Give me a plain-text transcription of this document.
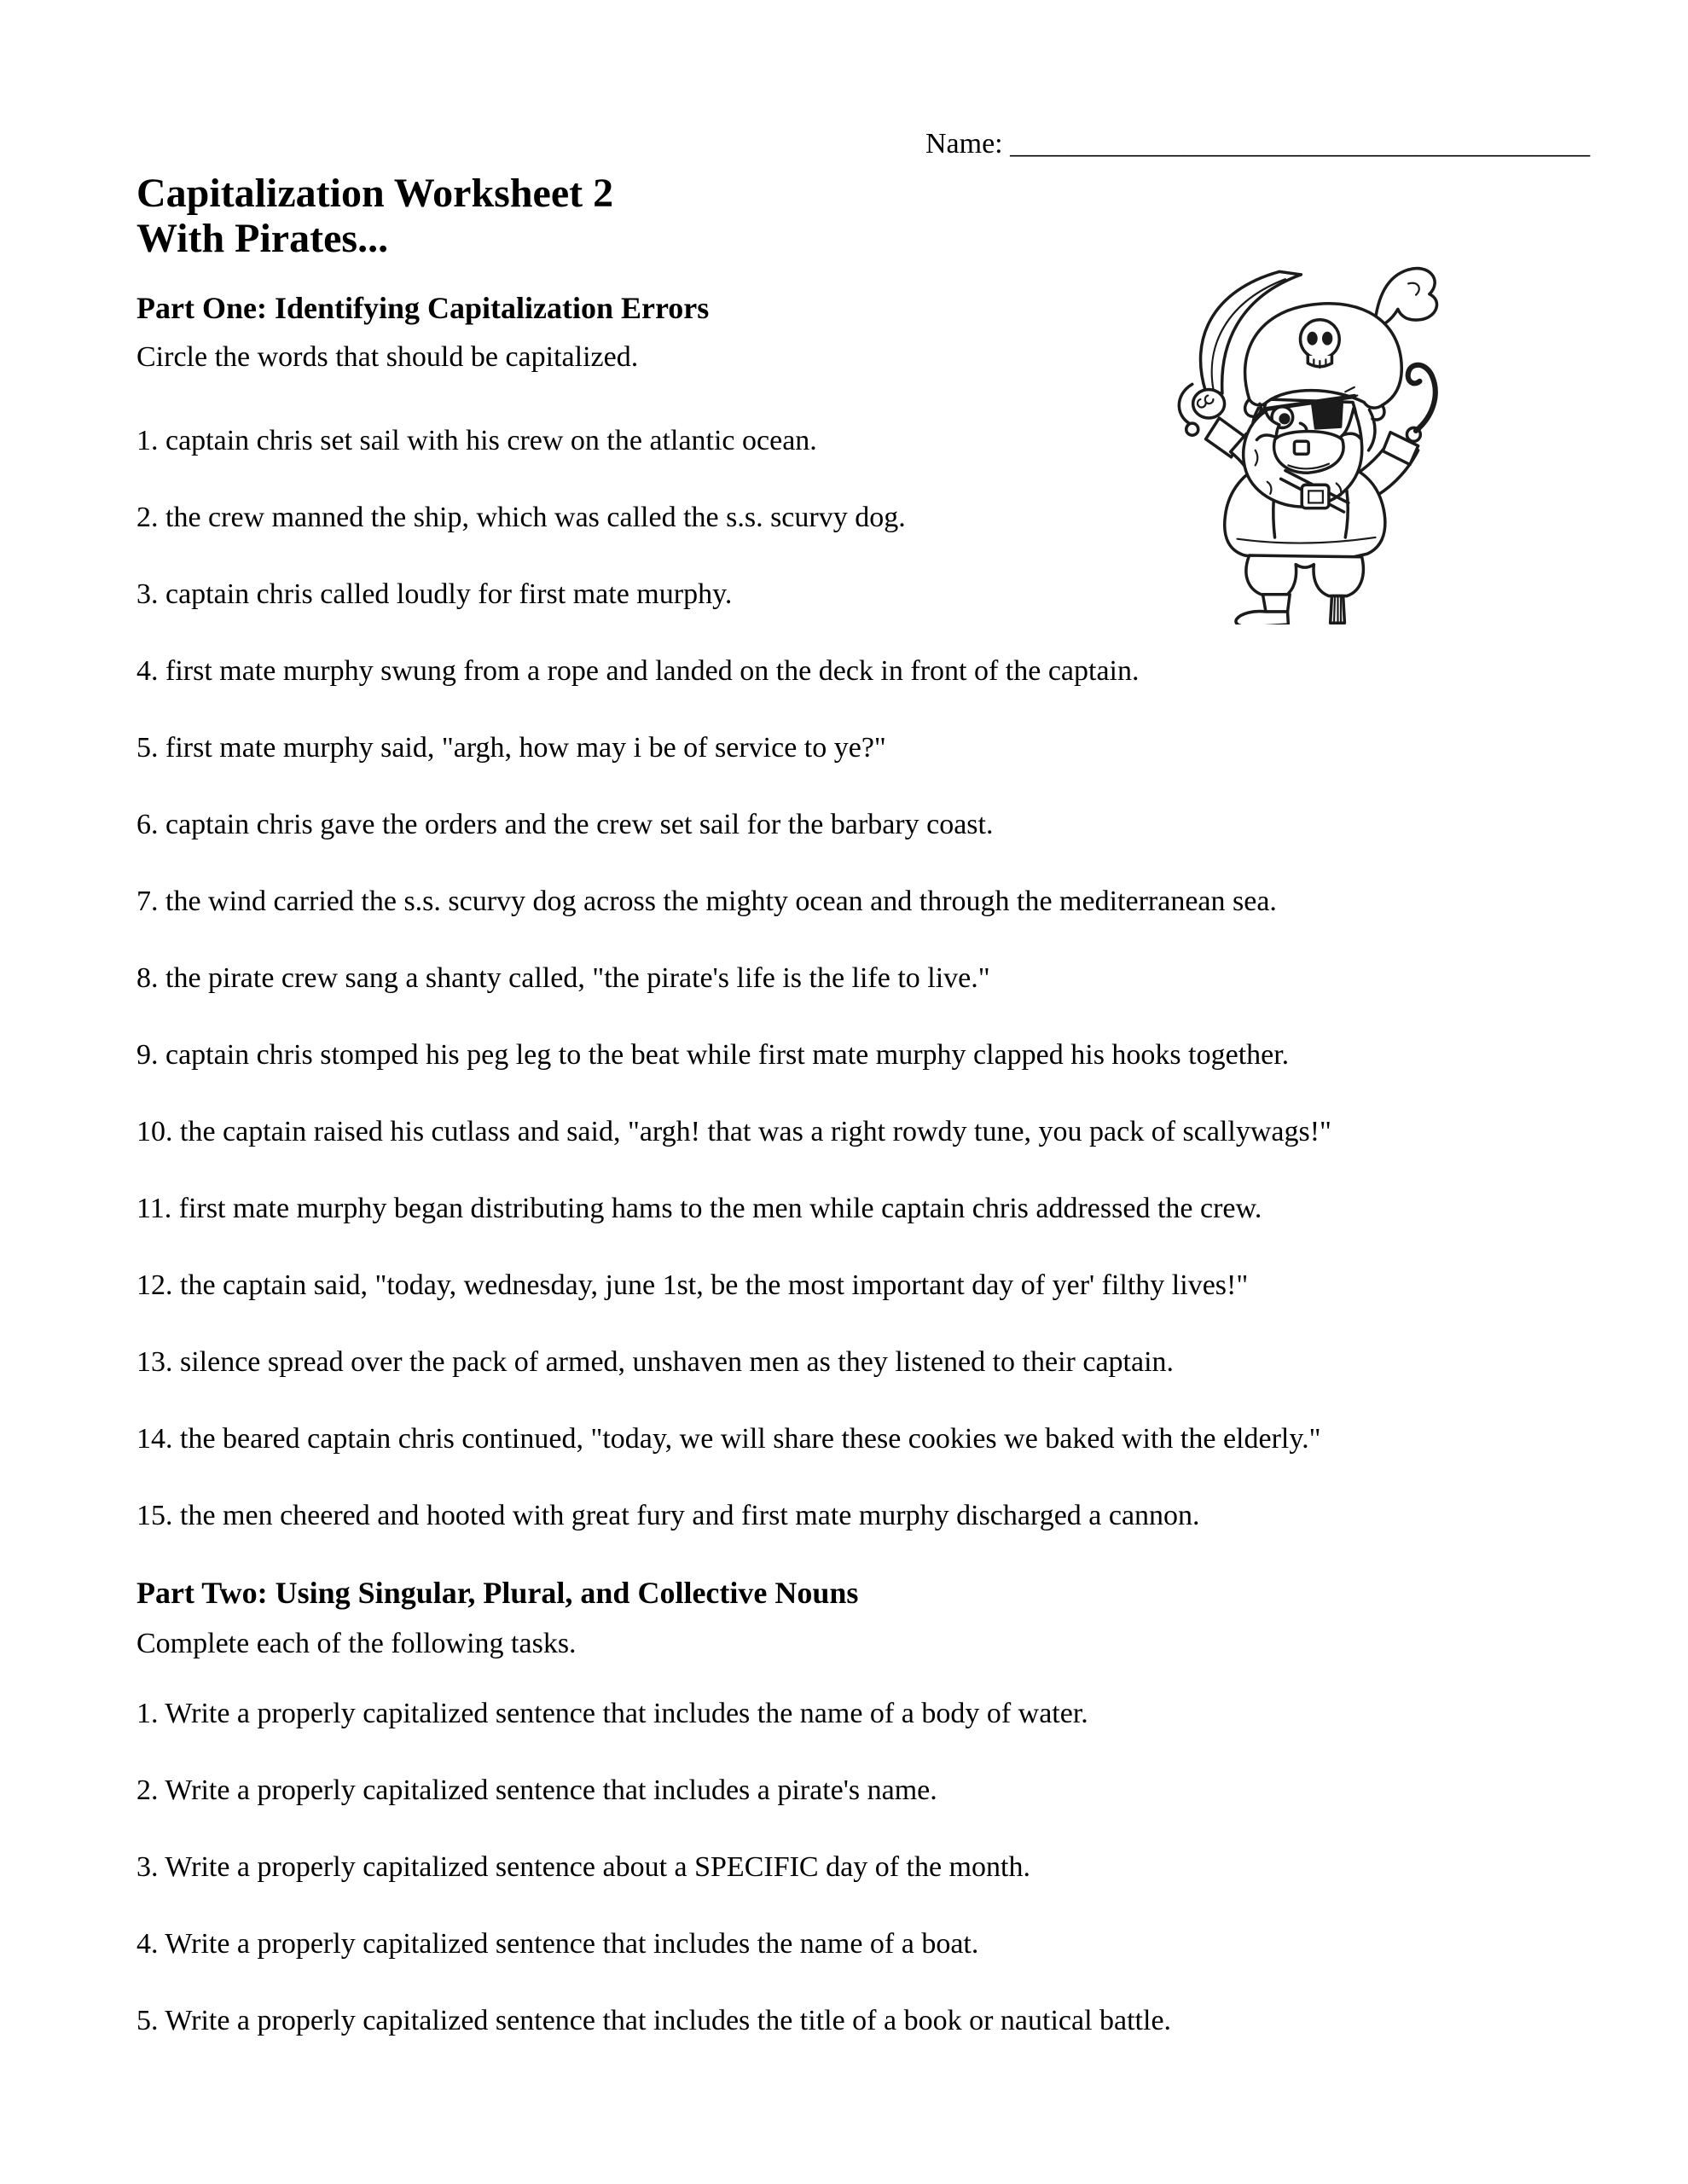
Name: ________________________________________
Capitalization Worksheet 2
With Pirates...
Part One: Identifying Capitalization Errors
Circle the words that should be capitalized.
1. captain chris set sail with his crew on the atlantic ocean.
2. the crew manned the ship, which was called the s.s. scurvy dog.
3. captain chris called loudly for first mate murphy.
4. first mate murphy swung from a rope and landed on the deck in front of the captain.
5. first mate murphy said, "argh, how may i be of service to ye?"
6. captain chris gave the orders and the crew set sail for the barbary coast.
7. the wind carried the s.s. scurvy dog across the mighty ocean and through the mediterranean sea.
8. the pirate crew sang a shanty called, "the pirate's life is the life to live."
9. captain chris stomped his peg leg to the beat while first mate murphy clapped his hooks together.
10. the captain raised his cutlass and said, "argh! that was a right rowdy tune, you pack of scallywags!"
11. first mate murphy began distributing hams to the men while captain chris addressed the crew.
12. the captain said, "today, wednesday, june 1st, be the most important day of yer' filthy lives!"
13. silence spread over the pack of armed, unshaven men as they listened to their captain.
14. the beared captain chris continued, "today, we will share these cookies we baked with the elderly."
15. the men cheered and hooted with great fury and first mate murphy discharged a cannon.
Part Two: Using Singular, Plural, and Collective Nouns
Complete each of the following tasks.
1. Write a properly capitalized sentence that includes the name of a body of water.
2. Write a properly capitalized sentence that includes a pirate's name.
3. Write a properly capitalized sentence about a SPECIFIC day of the month.
4. Write a properly capitalized sentence that includes the name of a boat.
5. Write a properly capitalized sentence that includes the title of a book or nautical battle.
